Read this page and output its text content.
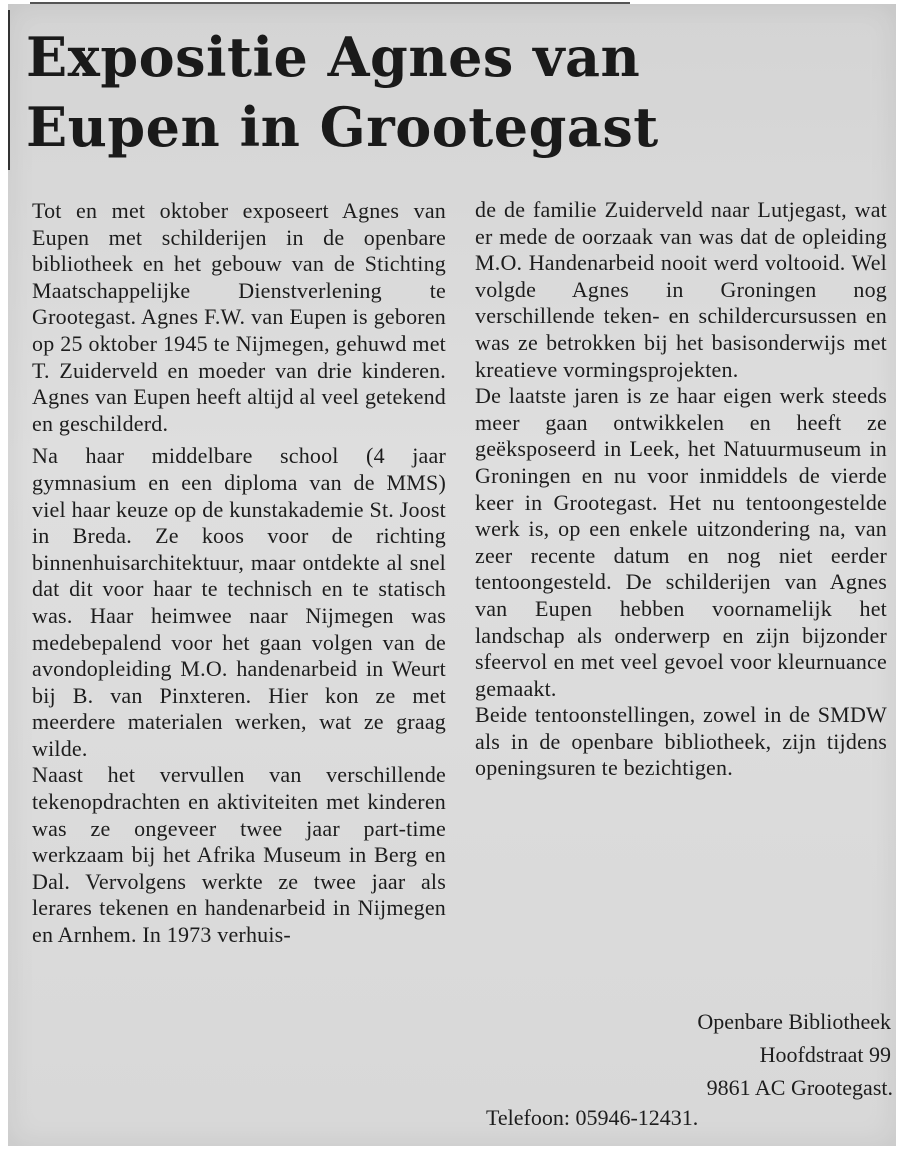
Expositie Agnes van
Eupen in Grootegast

Tot en met oktober exposeert Agnes van Eupen met schilderijen in de openbare bibliotheek en het gebouw van de Stichting Maatschappelijke Dienstverlening te Grootegast. Agnes F.W. van Eupen is geboren op 25 oktober 1945 te Nijmegen, gehuwd met T. Zuiderveld en moeder van drie kinderen. Agnes van Eupen heeft altijd al veel getekend en geschilderd.

Na haar middelbare school (4 jaar gymnasium en een diploma van de MMS) viel haar keuze op de kunstakademie St. Joost in Breda. Ze koos voor de richting binnenhuisarchitektuur, maar ontdekte al snel dat dit voor haar te technisch en te statisch was. Haar heimwee naar Nijmegen was medebepalend voor het gaan volgen van de avondopleiding M.O. handenarbeid in Weurt bij B. van Pinxteren. Hier kon ze met meerdere materialen werken, wat ze graag wilde.

Naast het vervullen van verschillende tekenopdrachten en aktiviteiten met kinderen was ze ongeveer twee jaar part-time werkzaam bij het Afrika Museum in Berg en Dal. Vervolgens werkte ze twee jaar als lerares tekenen en handenarbeid in Nijmegen en Arnhem. In 1973 verhuis-

de de familie Zuiderveld naar Lutjegast, wat er mede de oorzaak van was dat de opleiding M.O. Handenarbeid nooit werd voltooid. Wel volgde Agnes in Groningen nog verschillende teken- en schildercursussen en was ze betrokken bij het basisonderwijs met kreatieve vormingsprojekten.

De laatste jaren is ze haar eigen werk steeds meer gaan ontwikkelen en heeft ze geëksposeerd in Leek, het Natuurmuseum in Groningen en nu voor inmiddels de vierde keer in Grootegast. Het nu tentoongestelde werk is, op een enkele uitzondering na, van zeer recente datum en nog niet eerder tentoongesteld. De schilderijen van Agnes van Eupen hebben voornamelijk het landschap als onderwerp en zijn bijzonder sfeervol en met veel gevoel voor kleurnuance gemaakt.

Beide tentoonstellingen, zowel in de SMDW als in de openbare bibliotheek, zijn tijdens openingsuren te bezichtigen.

Openbare Bibliotheek
Hoofdstraat 99
9861 AC Grootegast.
Telefoon: 05946-12431.
